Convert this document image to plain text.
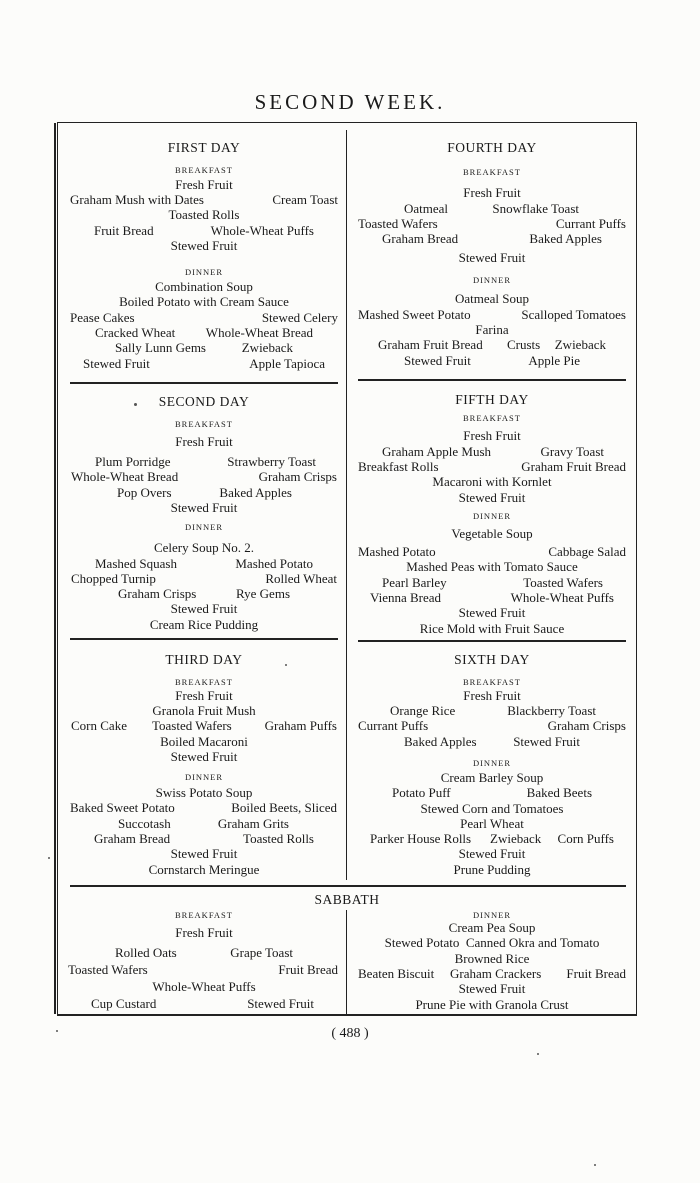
SECOND WEEK.
FIRST DAY
BREAKFAST
Fresh Fruit
Graham Mush with Dates	Cream Toast
Toasted Rolls
Fruit Bread	Whole-Wheat Puffs
Stewed Fruit
DINNER
Combination Soup
Boiled Potato with Cream Sauce
Pease Cakes	Stewed Celery
Cracked Wheat Whole-Wheat Bread
Sally Lunn Gems	Zwieback
Stewed Fruit	Apple Tapioca
SECOND DAY
BREAKFAST
Fresh Fruit
Plum Porridge	Strawberry Toast
Whole-Wheat Bread	Graham Crisps
Pop Overs	Baked Apples
Stewed Fruit
DINNER
Celery Soup No. 2.
Mashed Squash	Mashed Potato
Chopped Turnip	Rolled Wheat
Graham Crisps	Rye Gems
Stewed Fruit
Cream Rice Pudding
THIRD DAY
BREAKFAST
Fresh Fruit
Granola Fruit Mush
Corn Cake Toasted Wafers	Graham Puffs
Boiled Macaroni
Stewed Fruit
DINNER
Swiss Potato Soup
Baked Sweet Potato	Boiled Beets, Sliced
Succotash	Graham Grits
Graham Bread	Toasted Rolls
Stewed Fruit
Cornstarch Meringue
FOURTH DAY
BREAKFAST
Fresh Fruit
Oatmeal	Snowflake Toast
Toasted Wafers	Currant Puffs
Graham Bread	Baked Apples
Stewed Fruit
DINNER
Oatmeal Soup
Mashed Sweet Potato	Scalloped Tomatoes
Farina
Graham Fruit Bread Crusts Zwieback
Stewed Fruit	Apple Pie
FIFTH DAY
BREAKFAST
Fresh Fruit
Graham Apple Mush	Gravy Toast
Breakfast Rolls	Graham Fruit Bread
Macaroni with Kornlet
Stewed Fruit
DINNER
Vegetable Soup
Mashed Potato	Cabbage Salad
Mashed Peas with Tomato Sauce
Pearl Barley	Toasted Wafers
Vienna Bread	Whole-Wheat Puffs
Stewed Fruit
Rice Mold with Fruit Sauce
SIXTH DAY
BREAKFAST
Fresh Fruit
Orange Rice	Blackberry Toast
Currant Puffs	Graham Crisps
Baked Apples	Stewed Fruit
DINNER
Cream Barley Soup
Potato Puff	Baked Beets
Stewed Corn and Tomatoes
Pearl Wheat
Parker House Rolls Zwieback Corn Puffs
Stewed Fruit
Prune Pudding
SABBATH
BREAKFAST
Fresh Fruit
Rolled Oats	Grape Toast
Toasted Wafers	Fruit Bread
Whole-Wheat Puffs
Cup Custard	Stewed Fruit
DINNER
Cream Pea Soup
Stewed Potato  Canned Okra and Tomato
Browned Rice
Beaten Biscuit Graham Crackers Fruit Bread
Stewed Fruit
Prune Pie with Granola Crust
( 488 )
